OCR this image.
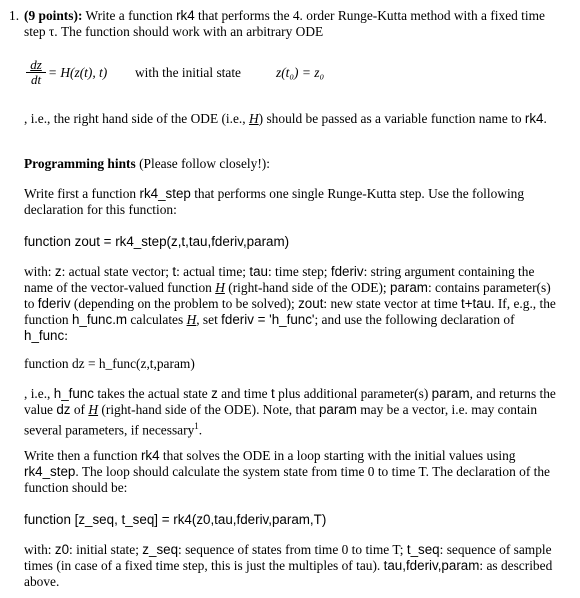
1. (9 points): Write a function rk4 that performs the 4. order Runge-Kutta method with a fixed time step τ. The function should work with an arbitrary ODE
$\frac{dz}{dt} = H(z(t)$, t) with the initial state	z(t₀) = z₀
, i.e., the right hand side of the ODE (i.e., H) should be passed as a variable function name to rk4.
Programming hints (Please follow closely!):
Write first a function rk4_step that performs one single Runge-Kutta step. Use the following declaration for this function:
function zout = rk4_step(z,t,tau,fderiv,param)
with: z: actual state vector; t: actual time; tau: time step; fderiv: string argument containing the name of the vector-valued function H (right-hand side of the ODE); param: contains parameter(s) to fderiv (depending on the problem to be solved); zout: new state vector at time t+tau. If, e.g., the function h_func.m calculates H, set fderiv = 'h_func'; and use the following declaration of h_func:
function dz = h_func(z,t,param)
, i.e., h_func takes the actual state z and time t plus additional parameter(s) param, and returns the value dz of H (right-hand side of the ODE). Note, that param may be a vector, i.e. may contain several parameters, if necessary$^1$.
Write then a function rk4 that solves the ODE in a loop starting with the initial values using rk4_step. The loop should calculate the system state from time 0 to time T. The declaration of the function should be:
function [z_seq, t_seq] = rk4(z0,tau,fderiv,param,T)
with: z0: initial state; z_seq: sequence of states from time 0 to time T; t_seq: sequence of sample times (in case of a fixed time step, this is just the multiples of tau). tau,fderiv,param: as described above.
